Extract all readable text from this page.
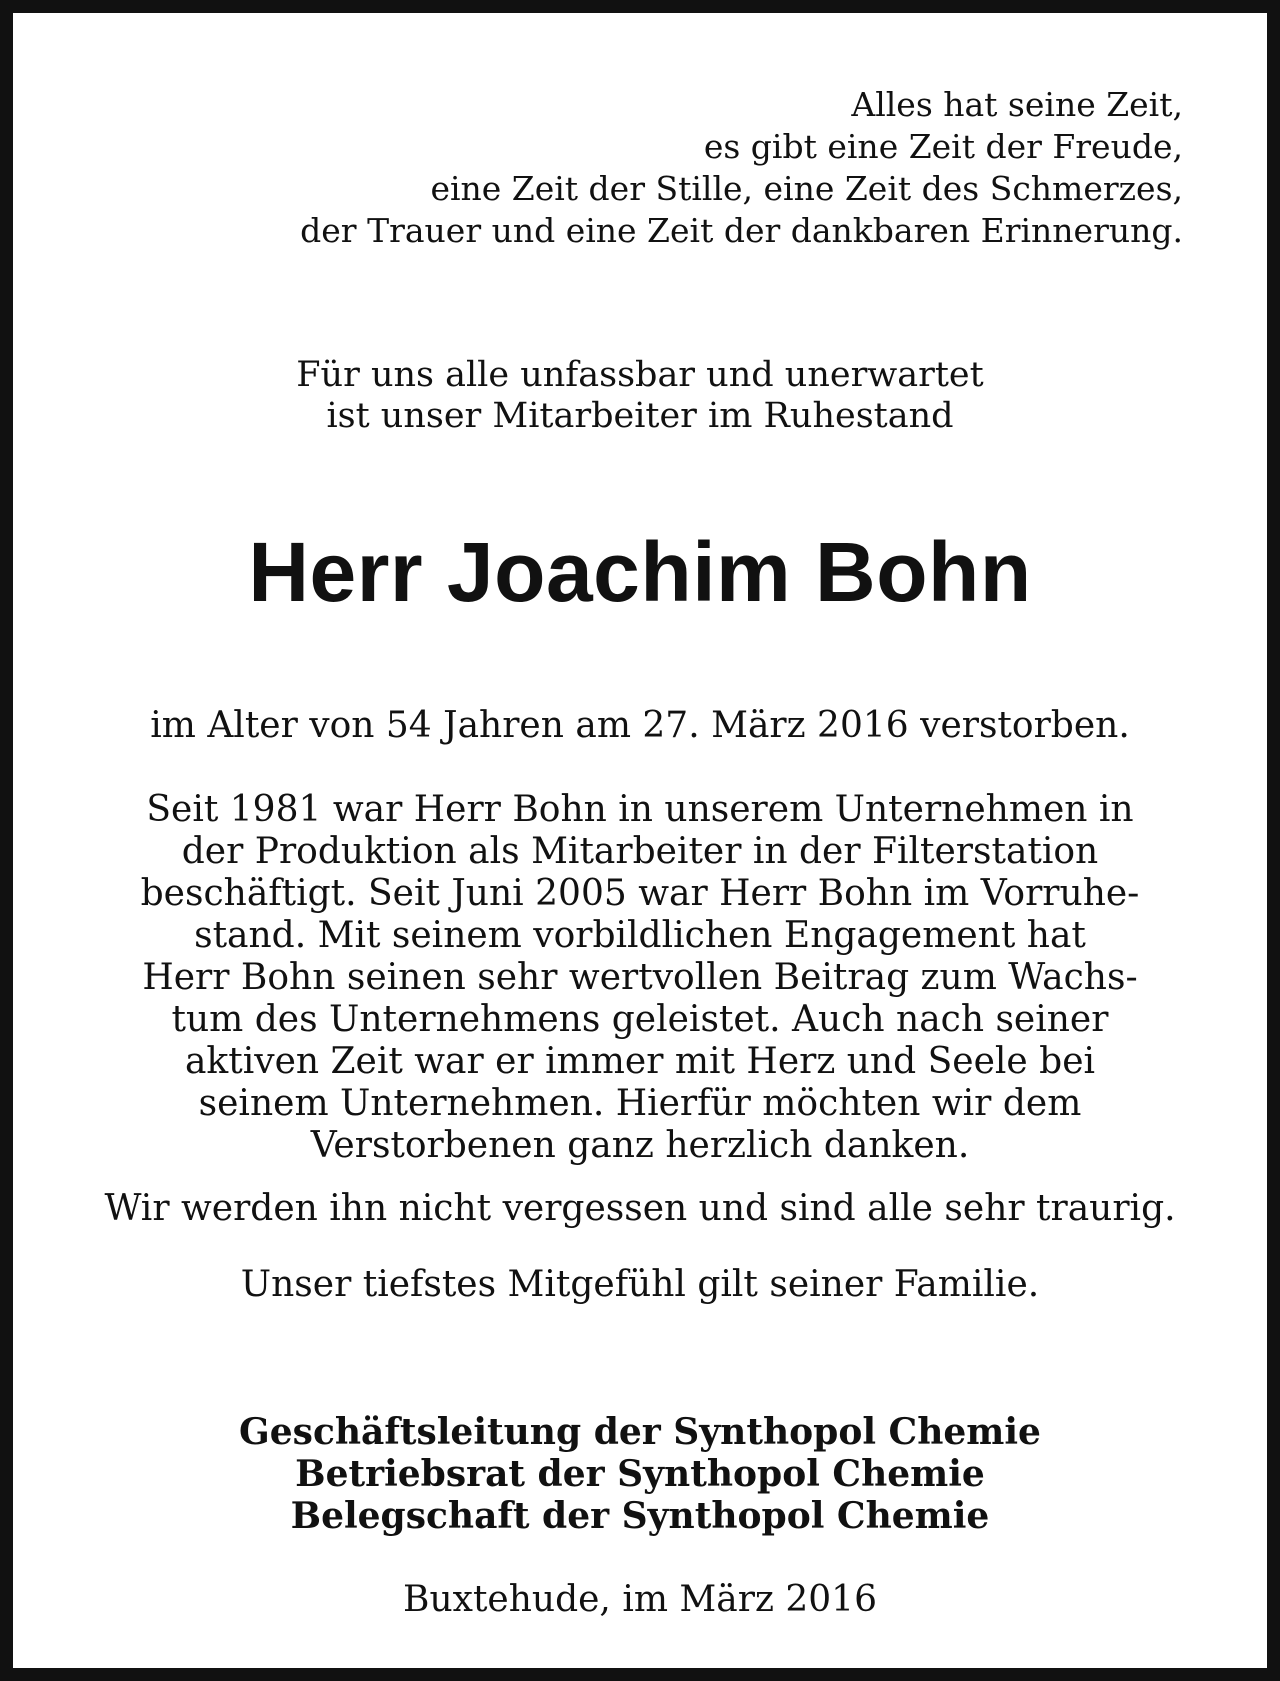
Alles hat seine Zeit,

es gibt eine Zeit der Freude,

eine Zeit der Stille, eine Zeit des Schmerzes,

der Trauer und eine Zeit der dankbaren Erinnerung.

Für uns alle unfassbar und unerwartet

ist unser Mitarbeiter im Ruhestand

Herr Joachim Bohn

im Alter von 54 Jahren am 27. März 2016 verstorben.

Seit 1981 war Herr Bohn in unserem Unternehmen in

der Produktion als Mitarbeiter in der Filterstation

beschäftigt. Seit Juni 2005 war Herr Bohn im Vorruhe-

stand. Mit seinem vorbildlichen Engagement hat

Herr Bohn seinen sehr wertvollen Beitrag zum Wachs-

tum des Unternehmens geleistet. Auch nach seiner

aktiven Zeit war er immer mit Herz und Seele bei

seinem Unternehmen. Hierfür möchten wir dem

Verstorbenen ganz herzlich danken.

Wir werden ihn nicht vergessen und sind alle sehr traurig.

Unser tiefstes Mitgefühl gilt seiner Familie.

Geschäftsleitung der Synthopol Chemie

Betriebsrat der Synthopol Chemie

Belegschaft der Synthopol Chemie

Buxtehude, im März 2016
